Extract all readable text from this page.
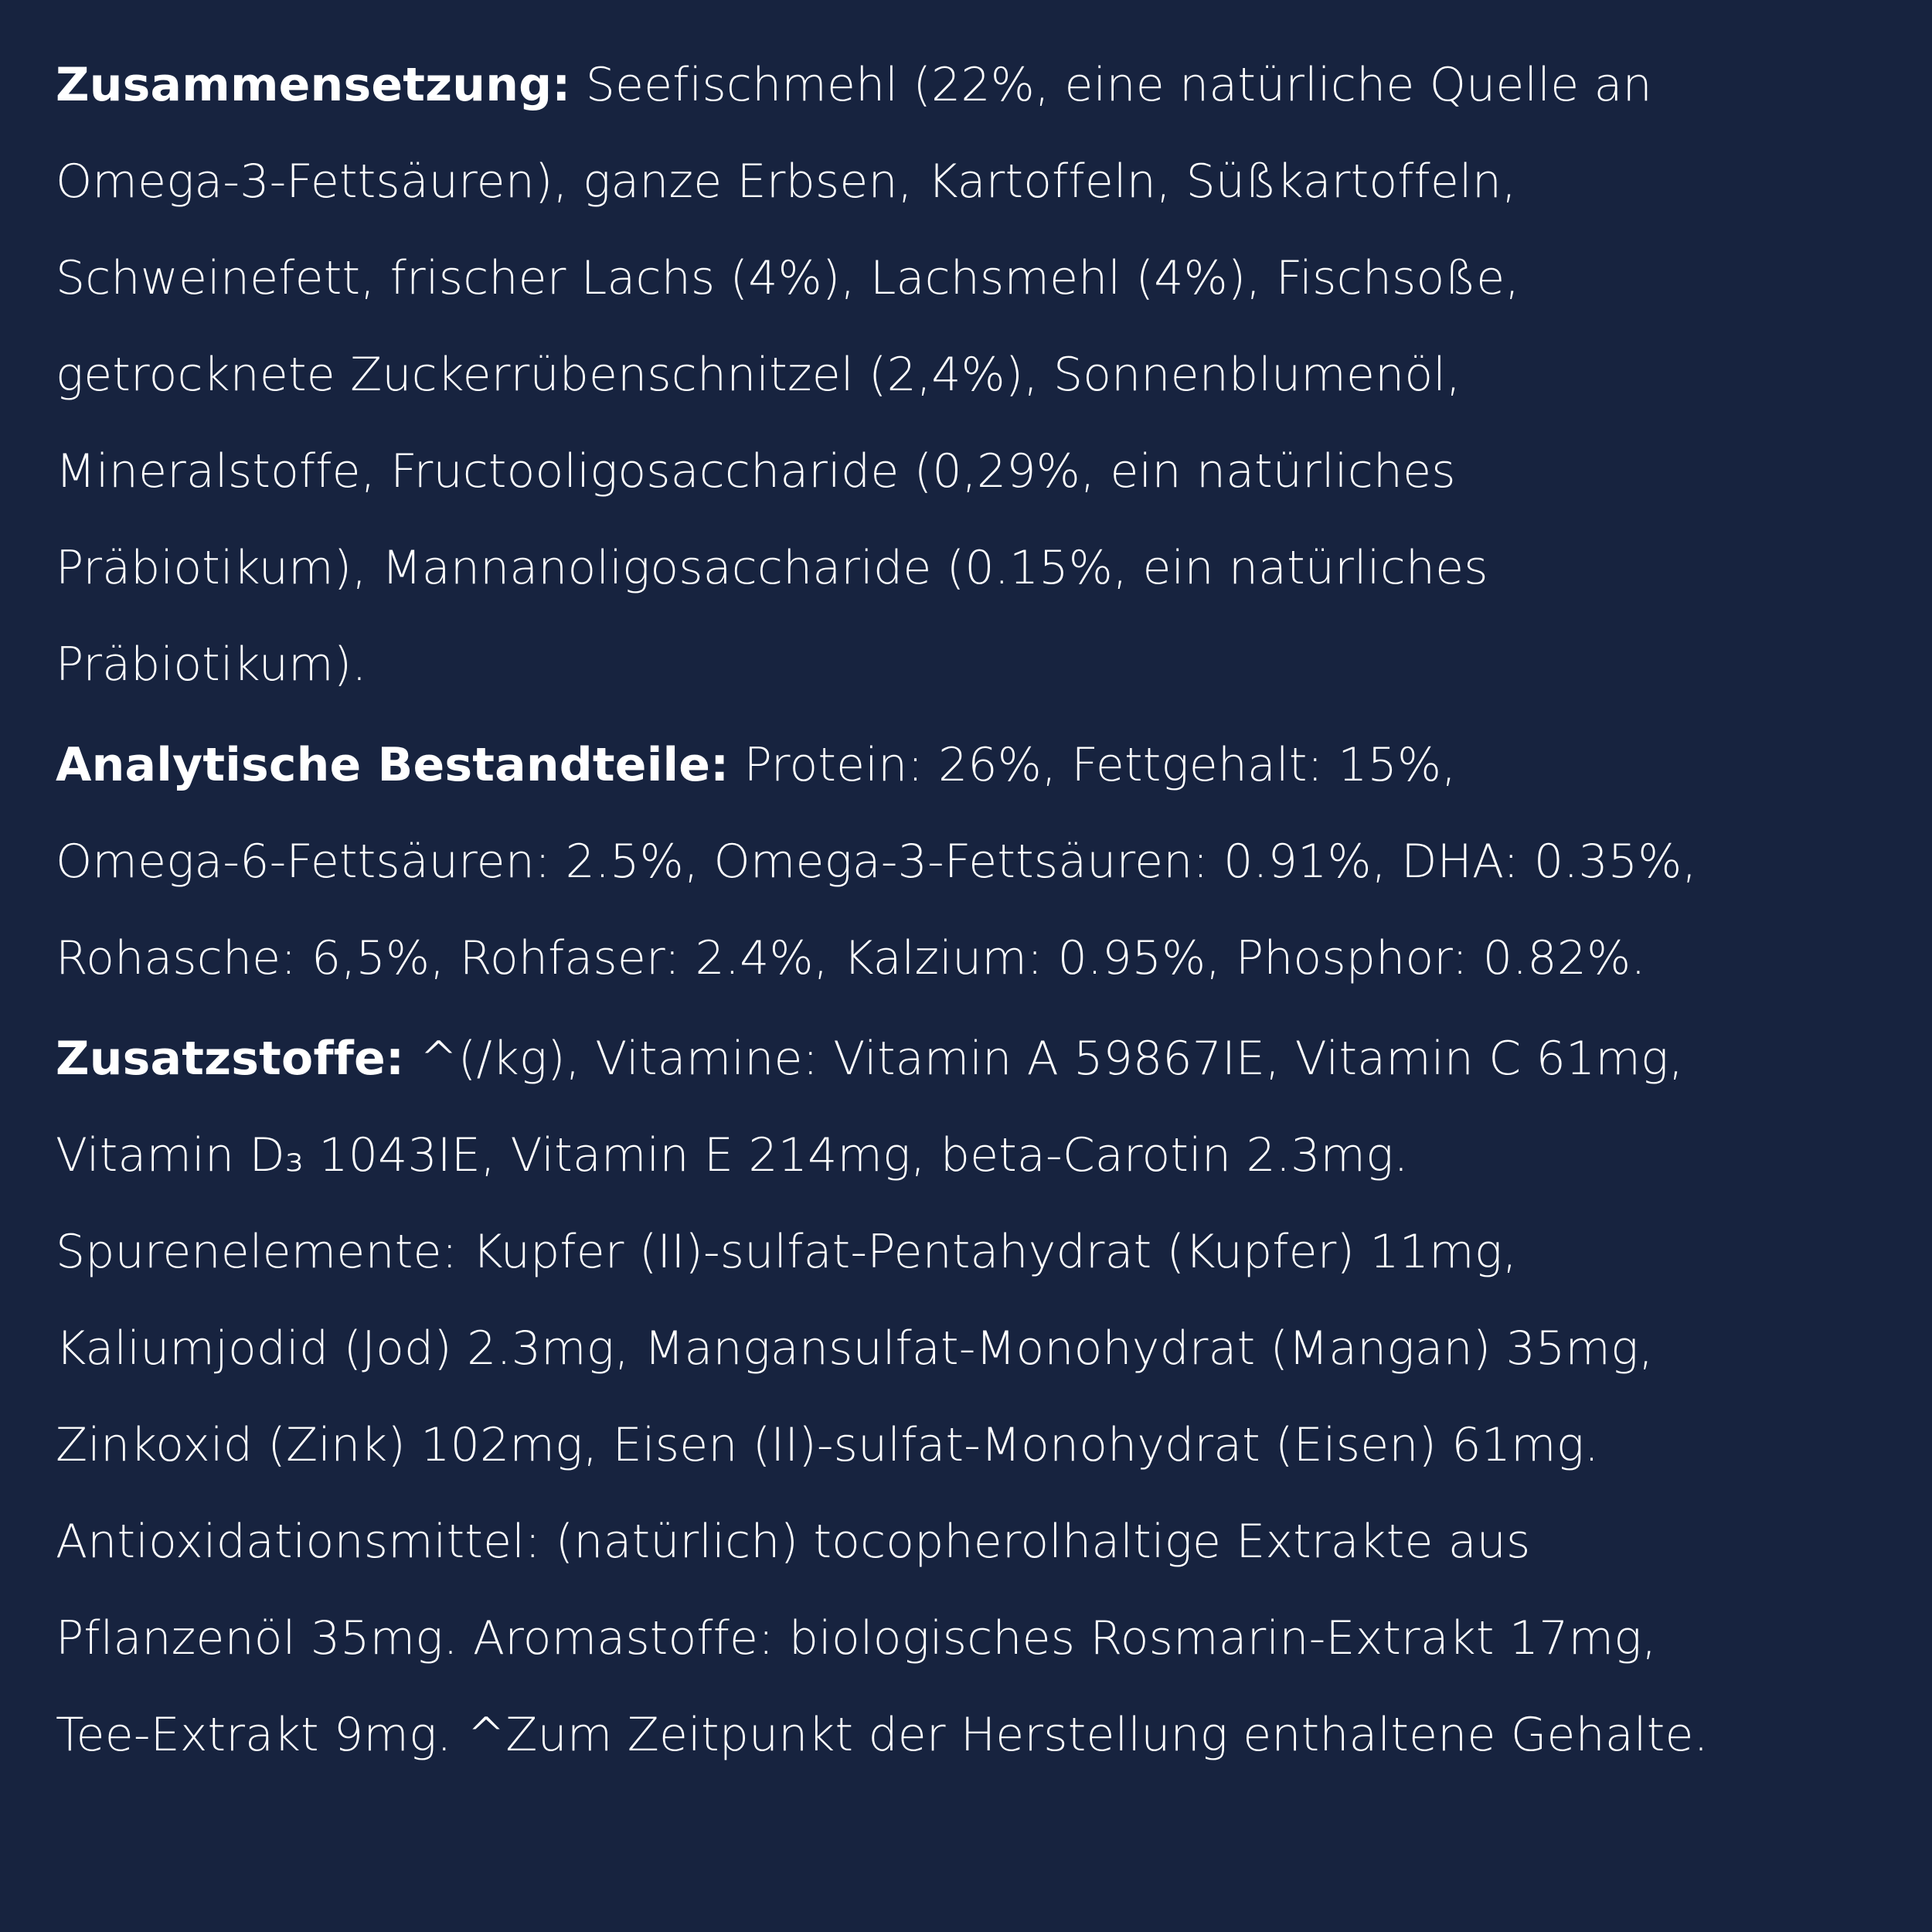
Zusammensetzung: Seefischmehl (22%, eine natürliche Quelle an
Omega-3-Fettsäuren), ganze Erbsen, Kartoffeln, Süßkartoffeln,
Schweinefett, frischer Lachs (4%), Lachsmehl (4%), Fischsoße,
getrocknete Zuckerrübenschnitzel (2,4%), Sonnenblumenöl,
Mineralstoffe, Fructooligosaccharide (0,29%, ein natürliches
Präbiotikum), Mannanoligosaccharide (0.15%, ein natürliches
Präbiotikum).
Analytische Bestandteile: Protein: 26%, Fettgehalt: 15%,
Omega-6-Fettsäuren: 2.5%, Omega-3-Fettsäuren: 0.91%, DHA: 0.35%,
Rohasche: 6,5%, Rohfaser: 2.4%, Kalzium: 0.95%, Phosphor: 0.82%.
Zusatzstoffe: ^(/kg), Vitamine: Vitamin A 59867IE, Vitamin C 61mg,
Vitamin D₃ 1043IE, Vitamin E 214mg, beta-Carotin 2.3mg.
Spurenelemente: Kupfer (II)-sulfat-Pentahydrat (Kupfer) 11mg,
Kaliumjodid (Jod) 2.3mg, Mangansulfat-Monohydrat (Mangan) 35mg,
Zinkoxid (Zink) 102mg, Eisen (II)-sulfat-Monohydrat (Eisen) 61mg.
Antioxidationsmittel: (natürlich) tocopherolhaltige Extrakte aus
Pflanzenöl 35mg. Aromastoffe: biologisches Rosmarin-Extrakt 17mg,
Tee-Extrakt 9mg. ^Zum Zeitpunkt der Herstellung enthaltene Gehalte.
